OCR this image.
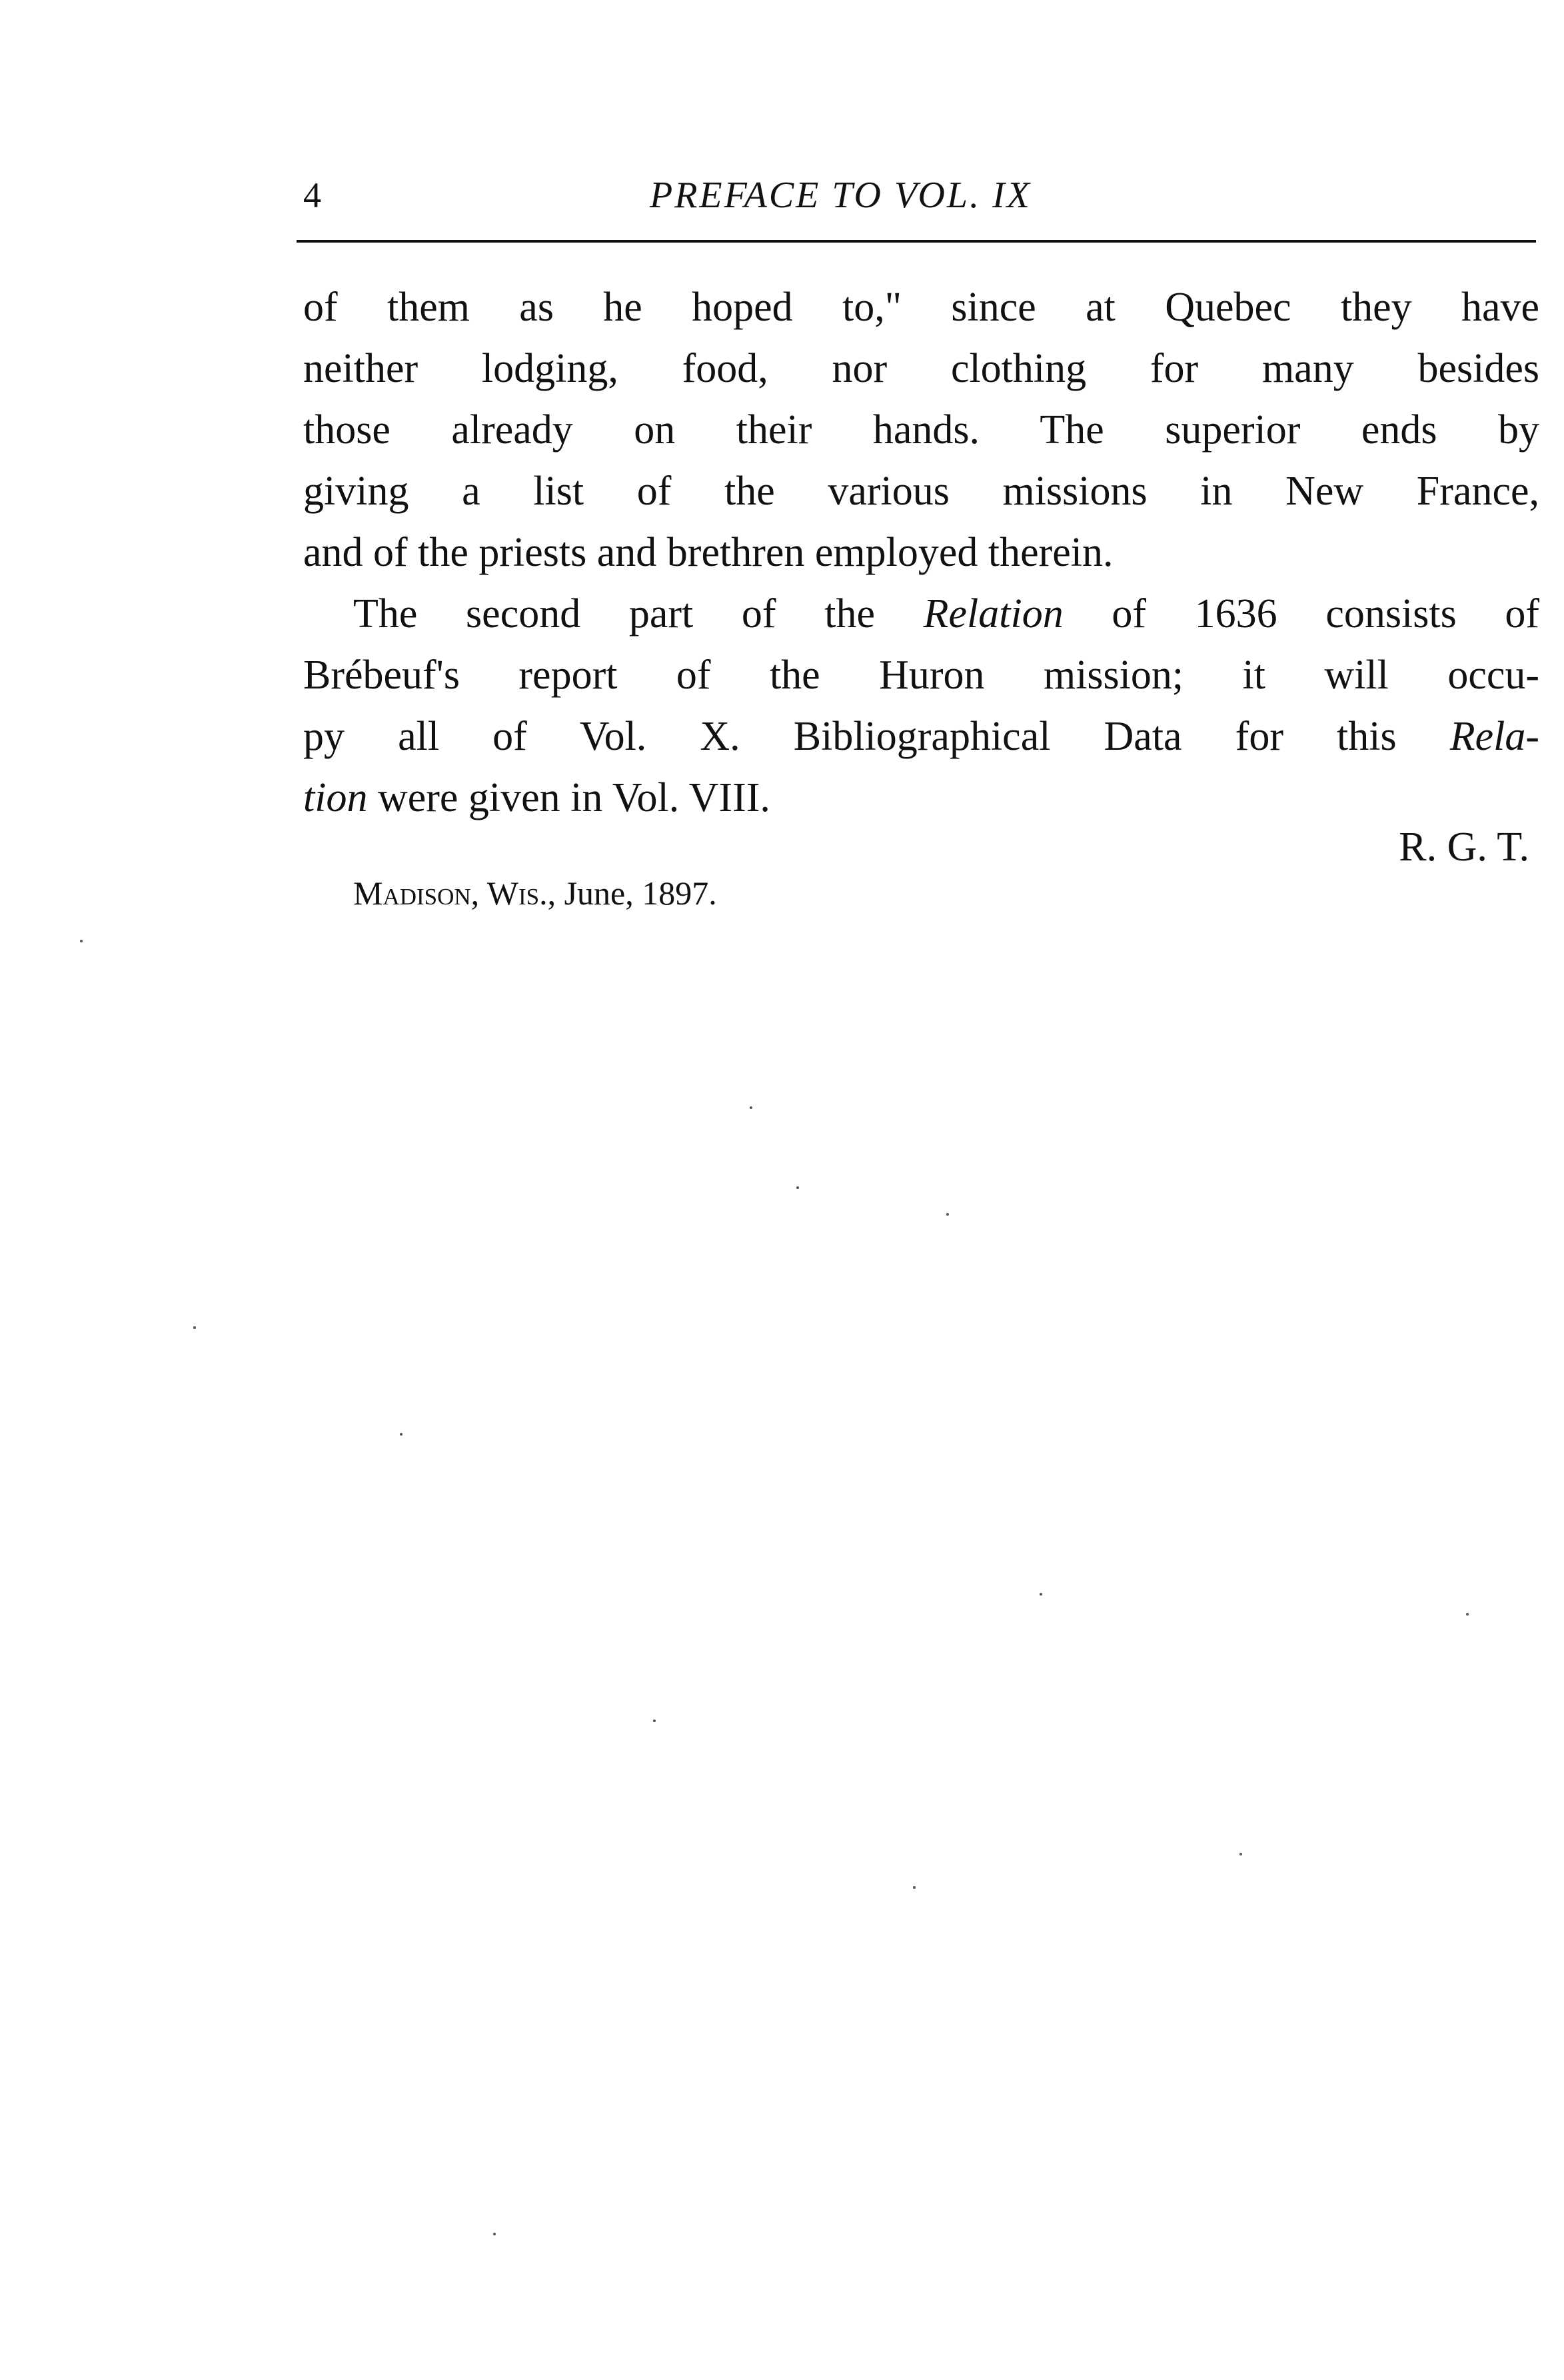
4	PREFACE TO VOL. IX
of them as he hoped to," since at Quebec they have
neither lodging, food, nor clothing for many besides
those already on their hands. The superior ends by
giving a list of the various missions in New France,
and of the priests and brethren employed therein.
The second part of the Relation of 1636 consists of
Brébeuf's report of the Huron mission; it will occu-
py all of Vol. X. Bibliographical Data for this Rela-
tion were given in Vol. VIII.
R. G. T.
Madison, Wis., June, 1897.
